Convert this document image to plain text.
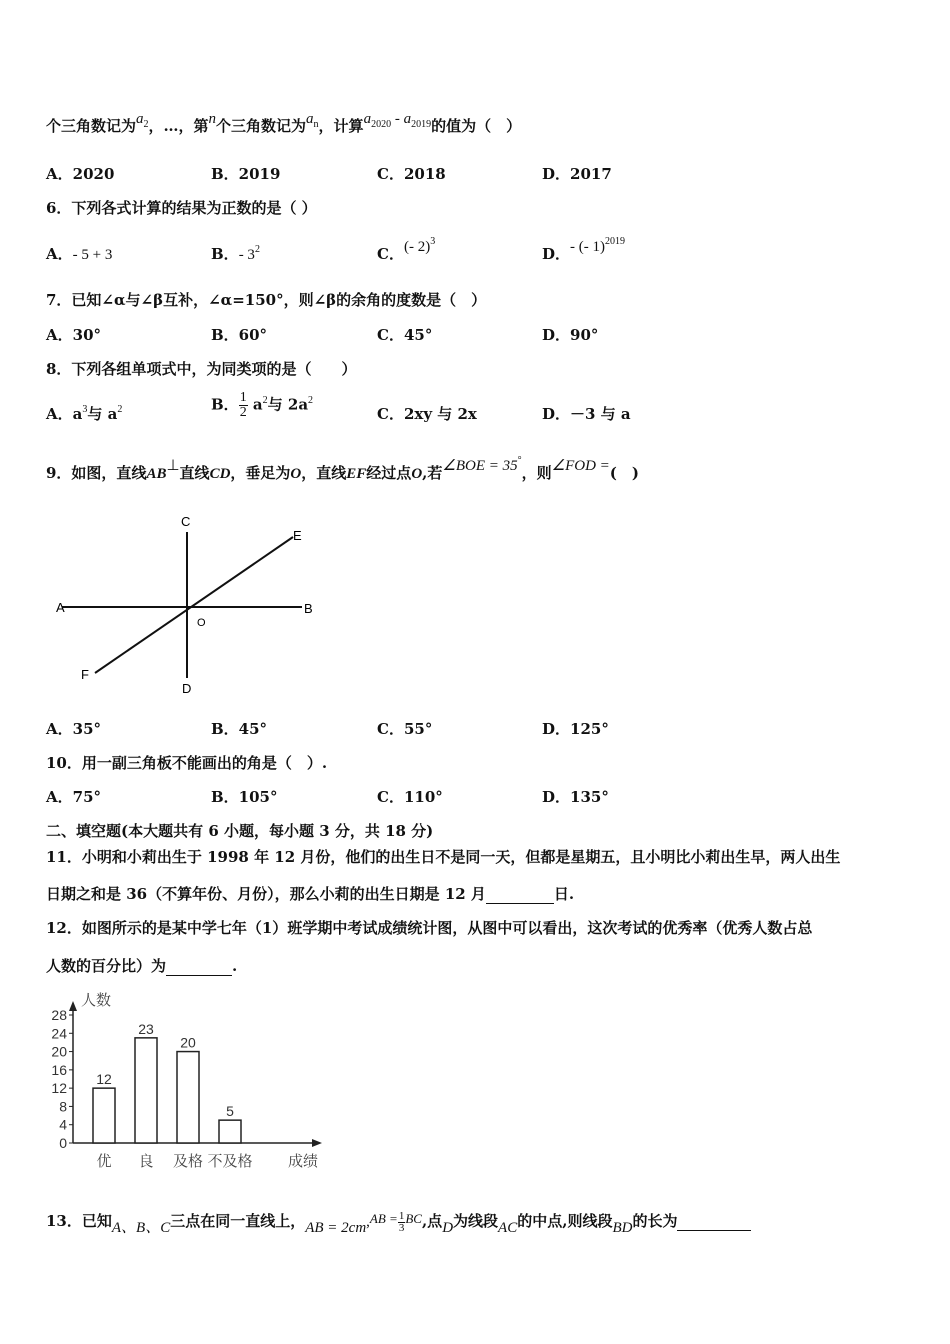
个三角数记为$a_2$，…，第n个三角数记为$a_n$，计算$a_{2020} - a_{2019}$的值为（　）
A．2020	B．2019	C．2018	D．2017
6．下列各式计算的结果为正数的是（ ）
A．- 5 + 3	B．- $3^2$	C．(- 2)$^3$
D．- (- 1)$^{2019}$
7．已知∠α与∠β互补，∠α=150°，则∠β的余角的度数是（　）
A．30°	B．60°	C．45°	D．90°
8．下列各组单项式中，为同类项的是（　　）
A．$a^3$与 $a^2$	B． $\frac{1}{2} a^2$与 $2a^2$
C．2xy 与 2x	D．－3 与 a
9．如图，直线AB⊥直线CD，垂足为O，直线EF经过点O,若∠BOE = 35°，则∠FOD =(　)
A	B
C
D
E
F
O
A．35°	B．45°	C．55°	D．125°
10．用一副三角板不能画出的角是（　）.
A．75°	B．105°	C．110°	D．135°
二、填空题(本大题共有 6 小题，每小题 3 分，共 18 分)
11．小明和小莉出生于 1998 年 12 月份，他们的出生日不是同一天，但都是星期五，且小明比小莉出生早，两人出生
日期之和是 36（不算年份、月份），那么小莉的出生日期是 12 月	日.
12．如图所示的是某中学七年（1）班学期中考试成绩统计图，从图中可以看出，这次考试的优秀率（优秀人数占总
人数的百分比）为	.
人数
成绩
0
4
8
12
16
20
24
28
12
优
23
良
20
及格
5
不及格
13．已知A、B、C三点在同一直线上，AB = $2cm,AB = \frac{1}{3}$ BC,点D为线段AC的中点,则线段BD的长为
